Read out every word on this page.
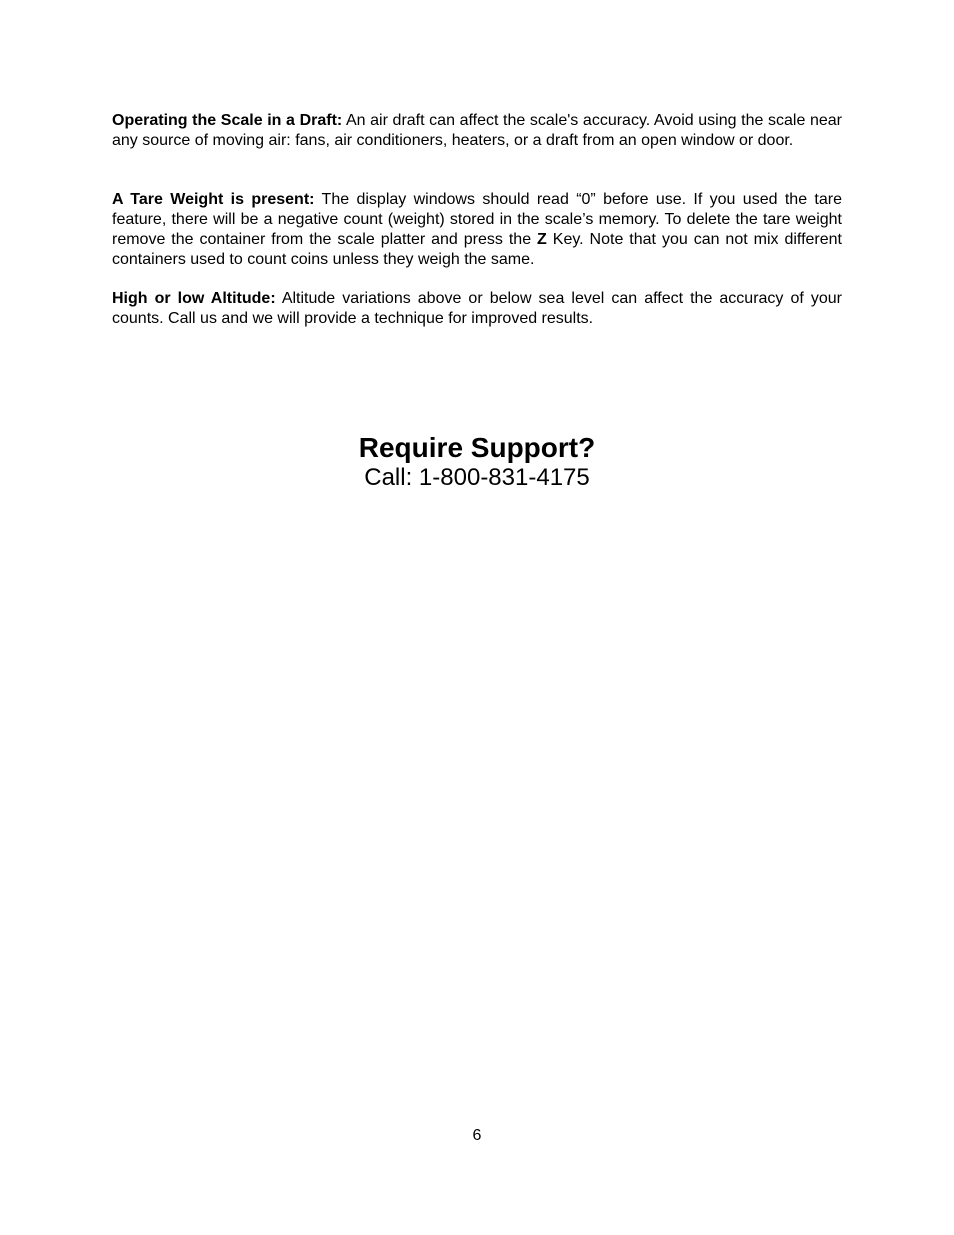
Operating the Scale in a Draft: An air draft can affect the scale's accuracy. Avoid using the scale near any source of moving air: fans, air conditioners, heaters, or a draft from an open window or door.

A Tare Weight is present: The display windows should read “0” before use. If you used the tare feature, there will be a negative count (weight) stored in the scale’s memory. To delete the tare weight remove the container from the scale platter and press the Z Key. Note that you can not mix different containers used to count coins unless they weigh the same.

High or low Altitude: Altitude variations above or below sea level can affect the accuracy of your counts. Call us and we will provide a technique for improved results.

Require Support?
Call: 1-800-831-4175
6
